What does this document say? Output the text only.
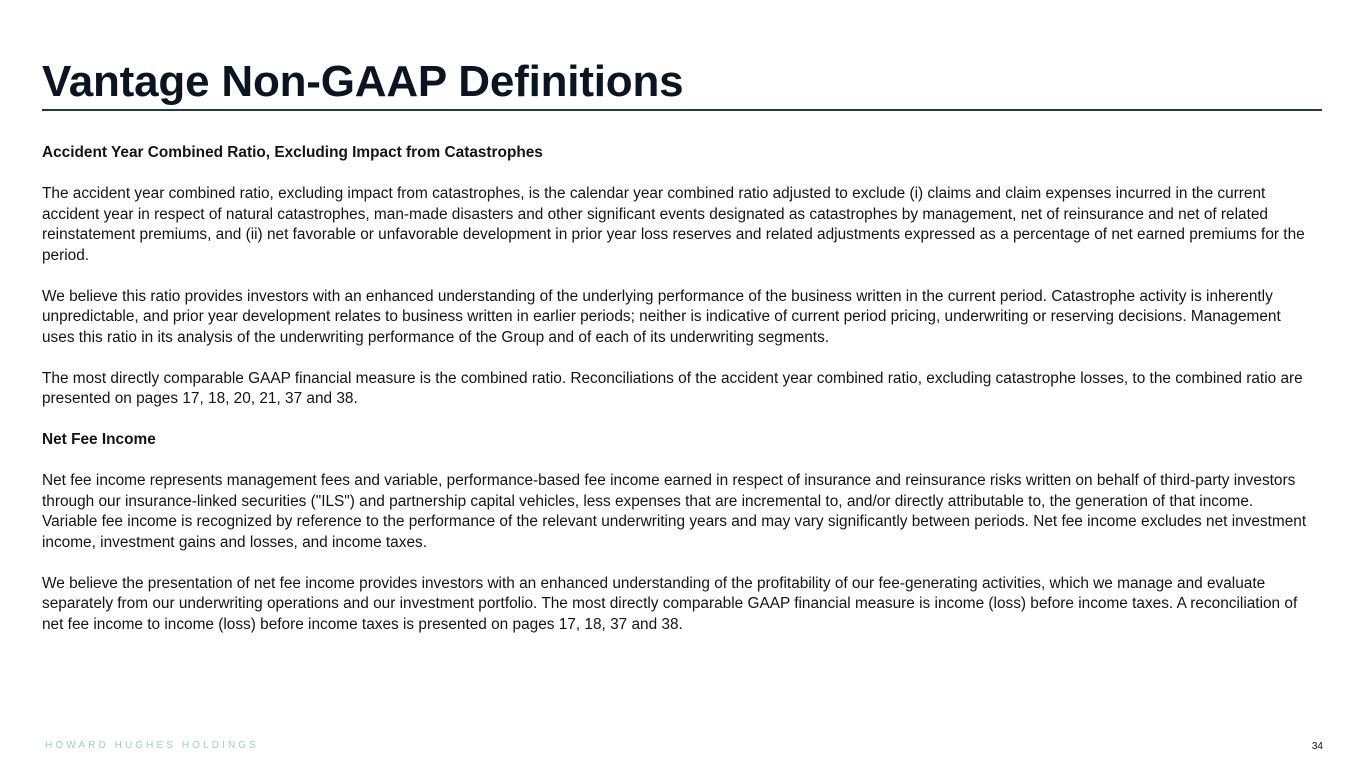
Vantage Non-GAAP Definitions

Accident Year Combined Ratio, Excluding Impact from Catastrophes

The accident year combined ratio, excluding impact from catastrophes, is the calendar year combined ratio adjusted to exclude (i) claims and claim expenses incurred in the current accident year in respect of natural catastrophes, man-made disasters and other significant events designated as catastrophes by management, net of reinsurance and net of related reinstatement premiums, and (ii) net favorable or unfavorable development in prior year loss reserves and related adjustments expressed as a percentage of net earned premiums for the period.

We believe this ratio provides investors with an enhanced understanding of the underlying performance of the business written in the current period. Catastrophe activity is inherently unpredictable, and prior year development relates to business written in earlier periods; neither is indicative of current period pricing, underwriting or reserving decisions. Management uses this ratio in its analysis of the underwriting performance of the Group and of each of its underwriting segments.

The most directly comparable GAAP financial measure is the combined ratio. Reconciliations of the accident year combined ratio, excluding catastrophe losses, to the combined ratio are presented on pages 17, 18, 20, 21, 37 and 38.

Net Fee Income

Net fee income represents management fees and variable, performance-based fee income earned in respect of insurance and reinsurance risks written on behalf of third-party investors through our insurance-linked securities ("ILS") and partnership capital vehicles, less expenses that are incremental to, and/or directly attributable to, the generation of that income. Variable fee income is recognized by reference to the performance of the relevant underwriting years and may vary significantly between periods. Net fee income excludes net investment income, investment gains and losses, and income taxes.

We believe the presentation of net fee income provides investors with an enhanced understanding of the profitability of our fee-generating activities, which we manage and evaluate separately from our underwriting operations and our investment portfolio. The most directly comparable GAAP financial measure is income (loss) before income taxes. A reconciliation of net fee income to income (loss) before income taxes is presented on pages 17, 18, 37 and 38.

HOWARD HUGHES HOLDINGS	34
